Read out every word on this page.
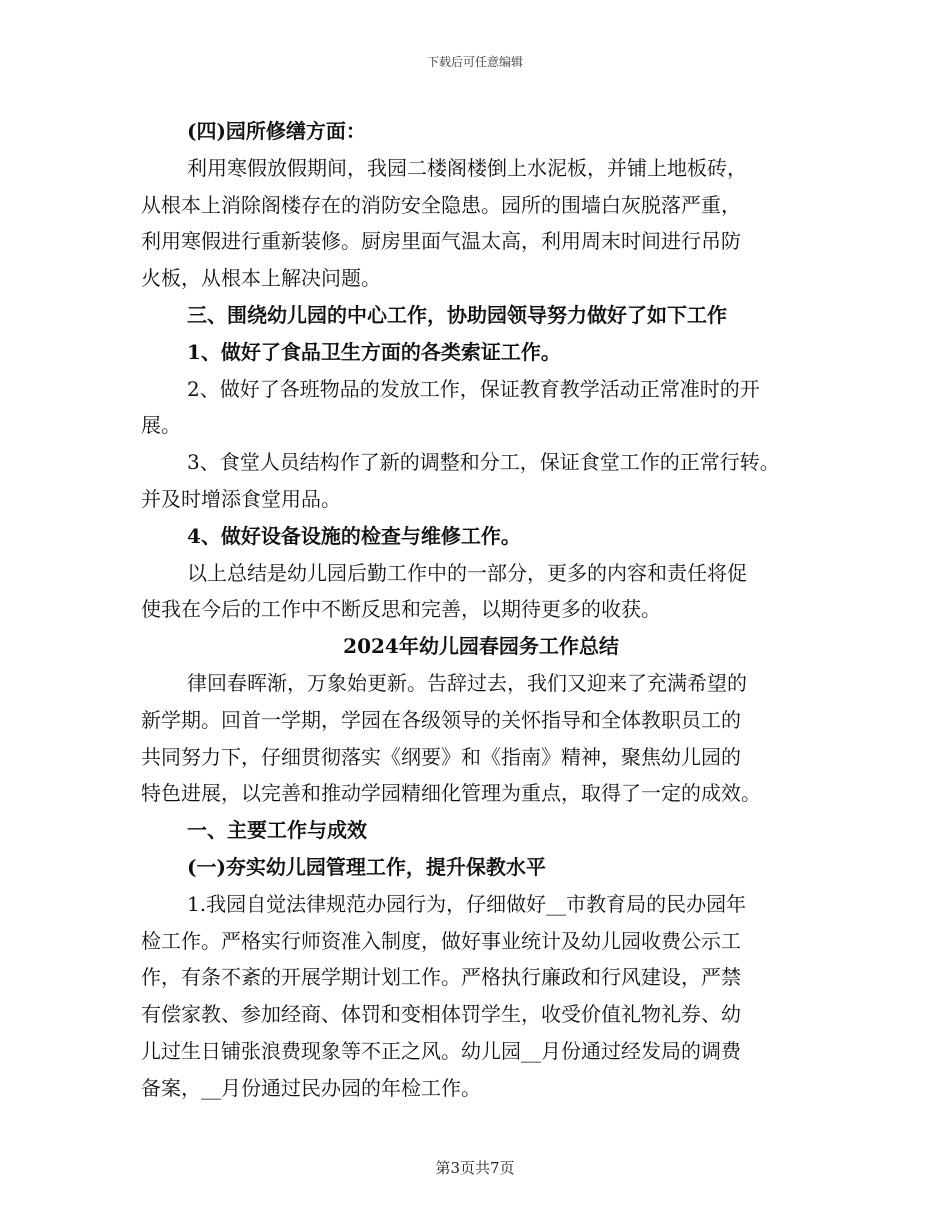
下载后可任意编辑
(四)园所修缮方面：
利用寒假放假期间，我园二楼阁楼倒上水泥板，并铺上地板砖，
从根本上消除阁楼存在的消防安全隐患。园所的围墙白灰脱落严重，
利用寒假进行重新装修。厨房里面气温太高，利用周末时间进行吊防
火板，从根本上解决问题。
三、围绕幼儿园的中心工作，协助园领导努力做好了如下工作
1、做好了食品卫生方面的各类索证工作。
2、做好了各班物品的发放工作，保证教育教学活动正常准时的开
展。
3、食堂人员结构作了新的调整和分工，保证食堂工作的正常行转。
并及时增添食堂用品。
4、做好设备设施的检查与维修工作。
以上总结是幼儿园后勤工作中的一部分，更多的内容和责任将促
使我在今后的工作中不断反思和完善，以期待更多的收获。
2024年幼儿园春园务工作总结
律回春晖渐，万象始更新。告辞过去，我们又迎来了充满希望的
新学期。回首一学期，学园在各级领导的关怀指导和全体教职员工的
共同努力下，仔细贯彻落实《纲要》和《指南》精神，聚焦幼儿园的
特色进展，以完善和推动学园精细化管理为重点，取得了一定的成效。
一、主要工作与成效
(一)夯实幼儿园管理工作，提升保教水平
1.我园自觉法律规范办园行为，仔细做好__市教育局的民办园年
检工作。严格实行师资准入制度，做好事业统计及幼儿园收费公示工
作，有条不紊的开展学期计划工作。严格执行廉政和行风建设，严禁
有偿家教、参加经商、体罚和变相体罚学生，收受价值礼物礼券、幼
儿过生日铺张浪费现象等不正之风。幼儿园__月份通过经发局的调费
备案，__月份通过民办园的年检工作。
第3页共7页
